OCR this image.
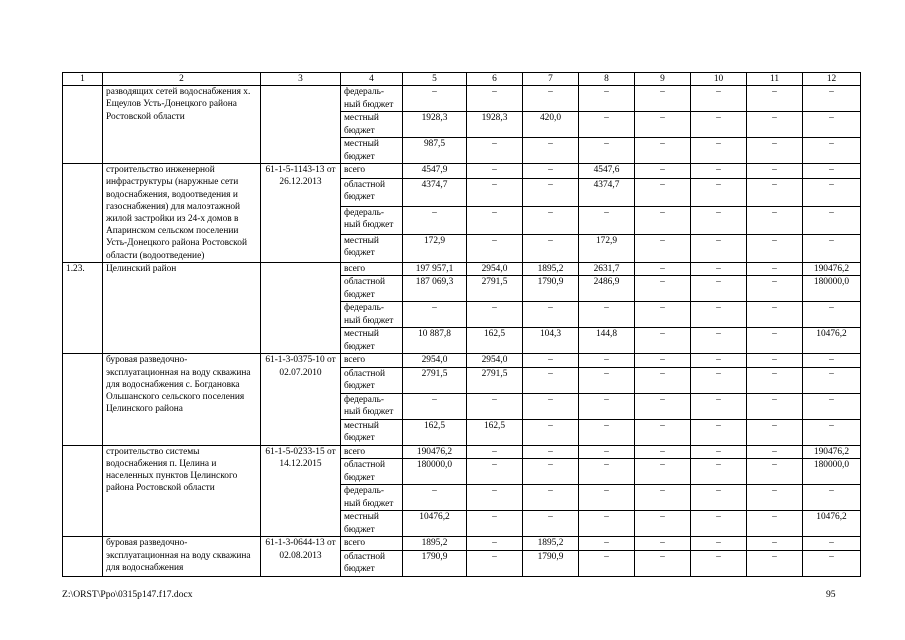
1	2	3	4	5	6	7	8	9	10	11	12
	разводящих сетей водоснабжения х. Ещеулов Усть-Донецкого района Ростовской области		федераль-ный бюджет	–	–	–	–	–	–	–	–
			местный бюджет	1928,3	1928,3	420,0	–	–	–	–	–
			местный бюджет	987,5	–	–	–	–	–	–	–
	строительство инженерной инфраструктуры (наружные сети водоснабжения, водоотведения и газоснабжения) для малоэтажной жилой застройки из 24-х домов в Апаринском сельском поселении Усть-Донецкого района Ростовской области (водоотведение)	61-1-5-1143-13 от 26.12.2013	всего	4547,9	–	–	4547,6	–	–	–	–
			областной бюджет	4374,7	–	–	4374,7	–	–	–	–
			федераль-ный бюджет	–	–	–	–	–	–	–	–
			местный бюджет	172,9	–	–	172,9	–	–	–	–
1.23.	Целинский район		всего	197 957,1	2954,0	1895,2	2631,7	–	–	–	190476,2
			областной бюджет	187 069,3	2791,5	1790,9	2486,9	–	–	–	180000,0
			федераль-ный бюджет	–	–	–	–	–	–	–	–
			местный бюджет	10 887,8	162,5	104,3	144,8	–	–	–	10476,2
	буровая разведочно-эксплуатационная на воду скважина для водоснабжения с. Богдановка Ольшанского сельского поселения Целинского района	61-1-3-0375-10 от 02.07.2010	всего	2954,0	2954,0	–	–	–	–	–	–
			областной бюджет	2791,5	2791,5	–	–	–	–	–	–
			федераль-ный бюджет	–	–	–	–	–	–	–	–
			местный бюджет	162,5	162,5	–	–	–	–	–	–
	строительство системы водоснабжения п. Целина и населенных пунктов Целинского района Ростовской области	61-1-5-0233-15 от 14.12.2015	всего	190476,2	–	–	–	–	–	–	190476,2
			областной бюджет	180000,0	–	–	–	–	–	–	180000,0
			федераль-ный бюджет	–	–	–	–	–	–	–	–
			местный бюджет	10476,2	–	–	–	–	–	–	10476,2
	буровая разведочно-эксплуатационная на воду скважина для водоснабжения	61-1-3-0644-13 от 02.08.2013	всего	1895,2	–	1895,2	–	–	–	–	–
			областной бюджет	1790,9	–	1790,9	–	–	–	–	–
Z:\ORST\Ppo\0315p147.f17.docx	95
